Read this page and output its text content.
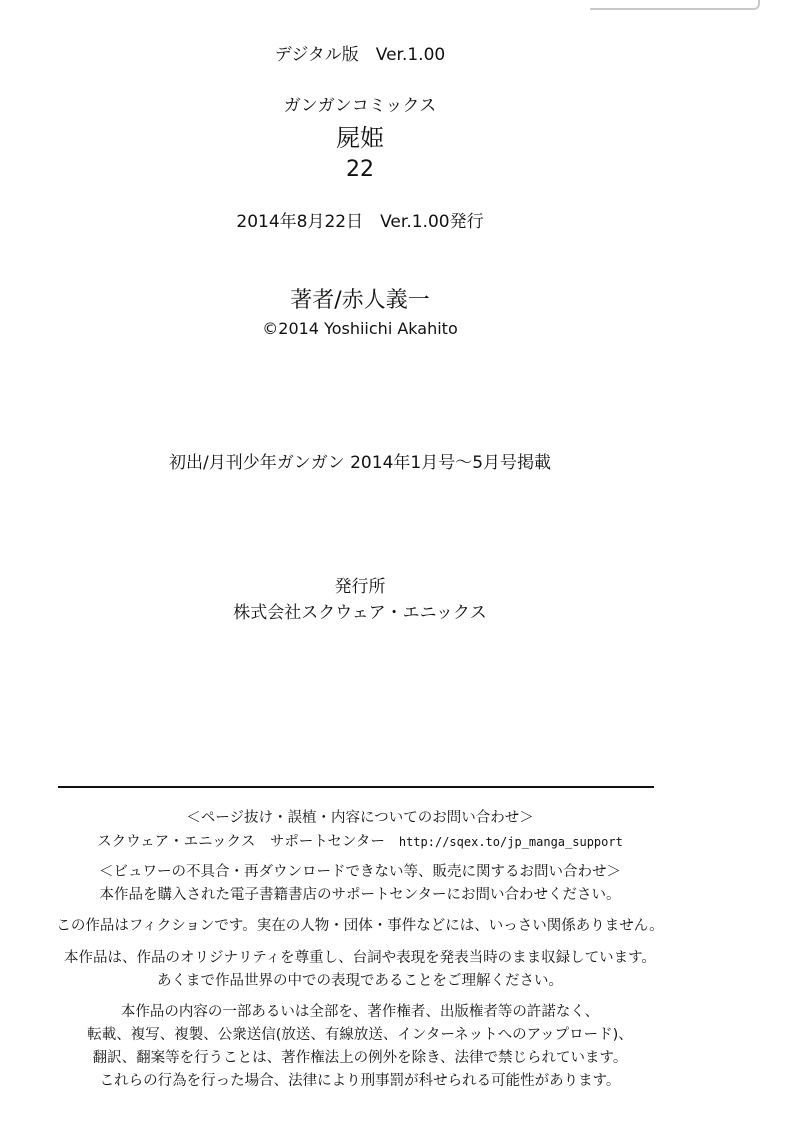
デジタル版　Ver.1.00
ガンガンコミックス
屍姫
22
2014年8月22日　Ver.1.00発行
著者/赤人義一
©2014 Yoshiichi Akahito
初出/月刊少年ガンガン 2014年1月号〜5月号掲載
発行所
株式会社スクウェア・エニックス
＜ページ抜け・誤植・内容についてのお問い合わせ＞
スクウェア・エニックス　サポートセンター http://sqex.to/jp_manga_support
＜ビュワーの不具合・再ダウンロードできない等、販売に関するお問い合わせ＞
本作品を購入された電子書籍書店のサポートセンターにお問い合わせください。
この作品はフィクションです。実在の人物・団体・事件などには、いっさい関係ありません。
本作品は、作品のオリジナリティを尊重し、台詞や表現を発表当時のまま収録しています。
あくまで作品世界の中での表現であることをご理解ください。
本作品の内容の一部あるいは全部を、著作権者、出版権者等の許諾なく、
転載、複写、複製、公衆送信(放送、有線放送、インターネットへのアップロード)、
翻訳、翻案等を行うことは、著作権法上の例外を除き、法律で禁じられています。
これらの行為を行った場合、法律により刑事罰が科せられる可能性があります。
